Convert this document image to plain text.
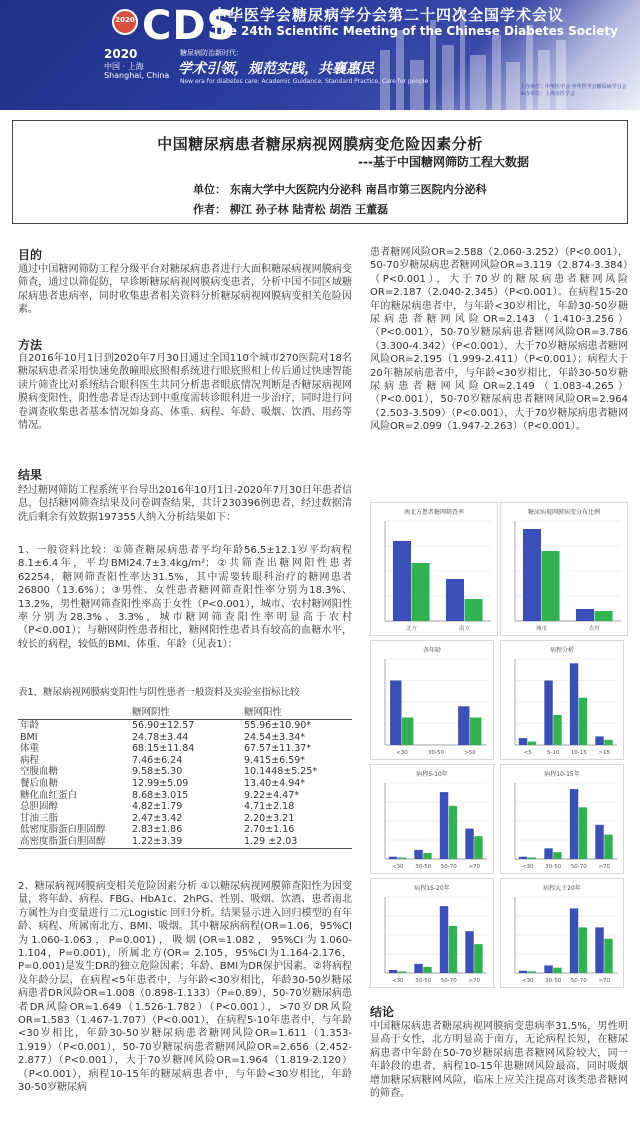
2020 CDS
中华医学会糖尿病学分会第二十四次全国学术会议
The 24th Scientific Meeting of the Chinese Diabetes Society
2020
中国 · 上海
Shanghai, China
糖尿病防治新时代：
学术引领，规范实践，共襄惠民
New era for diabetes care: Academic Guidance, Standard Practice, Care for people
主办单位：中华医学会 中华医学会糖尿病学分会
承办单位：上海市医学会
中国糖尿病患者糖尿病视网膜病变危险因素分析
---基于中国糖网筛防工程大数据
单位： 东南大学中大医院内分泌科 南昌市第三医院内分泌科
作者： 柳江 孙子林 陆青松 胡浩 王董磊
目的
通过中国糖网筛防工程分级平台对糖尿病患者进行大面积糖尿病视网膜病变筛查，通过以筛促防，早诊断糖尿病视网膜病变患者，分析中国不同区域糖尿病患者患病率，同时收集患者相关资料分析糖尿病视网膜病变相关危险因素。
方法
自2016年10月1日到2020年7月30日通过全国110个城市270医院对18名糖尿病患者采用快速免散瞳眼底照相系统进行眼底照相上传后通过快速智能读片筛查比对系统结合眼科医生共同分析患者眼底情况判断是否糖尿病视网膜病变阳性，阳性患者是否达到中重度需转诊眼科进一步治疗，同时进行问卷调查收集患者基本情况如身高、体重、病程、年龄、吸烟、饮酒、用药等情况。
结果
经过糖网筛防工程系统平台导出2016年10月1日-2020年7月30日年患者信息，包括糖网筛查结果及问卷调查结果，共计230396例患者，经过数据清洗后剩余有效数据197355人纳入分析结果如下：
1、一般资料比较：①筛查糖尿病患者平均年龄56.5±12.1岁平均病程8.1±6.4年，平均BMI24.7±3.4kg/m²；②共筛查出糖网阳性患者62254，糖网筛查阳性率达31.5%，其中需要转眼科治疗的糖网患者26800（13.6%）；③男性、女性患者糖网筛查阳性率分别为18.3%、13.2%，男性糖网筛查阳性率高于女性（P<0.001），城市、农村糖网阳性率分别为28.3%、3.3%，城市糖网筛查阳性率明显高于农村（P<0.001）；与糖网阴性患者相比，糖网阳性患者具有较高的血糖水平，较长的病程，较低的BMI、体重、年龄（见表1）：
表1、糖尿病视网膜病变阳性与阴性患者一般资料及实验室指标比较
	糖网阴性	糖网阳性
年龄	56.90±12.57	55.96±10.90*
BMI	24.78±3.44	24.54±3.34*
体重	68.15±11.84	67.57±11.37*
病程	7.46±6.24	9.415±6.59*
空腹血糖	9.58±5.30	10.1448±5.25*
餐后血糖	12.99±5.09	13.40±4.94*
糖化血红蛋白	8.68±3.015	9.22±4.47*
总胆固醇	4.82±1.79	4.71±2.18
甘油三脂	2.47±3.42	2.20±3.21
低密度脂蛋白胆固醇	2.83±1.86	2.70±1.16
高密度脂蛋白胆固醇	1.22±3.39	1.29 ±2.03
2、糖尿病视网膜病变相关危险因素分析 ①以糖尿病视网膜筛查阳性为因变量，将年龄、病程、FBG、HbA1c、2hPG、性别、吸烟、饮酒、患者南北方属性为自变量进行二元Logistic 回归分析。结果显示进入回归模型的有年龄、病程、所属南北方、BMI、吸烟。其中糖尿病病程(OR=1.06，95%CI为1.060-1.063，P=0.001)，吸烟(OR=1.082，95%CI为1.060-1.104，P=0.001)，所属北方(OR= 2.105，95%CI为1.164-2.176，P=0.001)是发生DR的独立危险因素；年龄、BMI为DR保护因素。②将病程及年龄分层，在病程<5年患者中，与年龄<30岁相比，年龄30-50岁糖尿病患者DR风险OR=1.008（0.898-1.133）（P=0.89），50-70岁糖尿病患者DR风险OR=1.649（1.526-1.782）（P<0.001），>70岁DR风险OR=1.583（1.467-1.707）（P<0.001），在病程5-10年患者中，与年龄<30岁相比，年龄30-50岁糖尿病患者糖网风险OR=1.611（1.353-1.919）（P<0.001），50-70岁糖尿病患者糖网风险OR=2.656（2.452-2.877）（P<0.001），大于70岁糖网风险OR=1.964（1.819-2.120）（P<0.001），病程10-15年的糖尿病患者中，与年龄<30岁相比，年龄30-50岁糖尿病
患者糖网风险OR=2.588（2.060-3.252）（P<0.001），50-70岁糖尿病患者糖网风险OR=3.119（2.874-3.384）（P<0.001），大于70岁的糖尿病患者糖网风险OR=2.187（2.040-2.345）（P<0.001）。在病程15-20年的糖尿病患者中，与年龄<30岁相比，年龄30-50岁糖尿病患者糖网风险OR=2.143（1.410-3.256）（P<0.001），50-70岁糖尿病患者糖网风险OR=3.786（3.300-4.342）（P<0.001），大于70岁糖尿病患者糖网风险OR=2.195（1.999-2.411）（P<0.001）；病程大于20年糖尿病患者中，与年龄<30岁相比，年龄30-50岁糖尿病患者糖网风险OR=2.149（1.083-4.265）（P<0.001），50-70岁糖尿病患者糖网风险OR=2.964（2.503-3.509）（P<0.001），大于70岁糖尿病患者糖网风险OR=2.099（1.947-2.263）（P<0.001）。
南北方患者糖网筛查率
北方	南方
糖尿病视网膜病变分布比例
城市	农村
各年龄
<30	30-50	>50
病程分析
<5	5-10 10-15 >15
病程5-10年
<30 30-50 50-70 >70
病程10-15年
<30 30-50 50-70 >70
病程15-20年
<30 30-50 50-70 >70
病程大于20年
<30 30-50 50-70 >70
结论
中国糖尿病患者糖尿病视网膜病变患病率31.5%，男性明显高于女性，北方明显高于南方，无论病程长短，在糖尿病患者中年龄在50-70岁糖尿病患者糖网风险较大，同一年龄段的患者，病程10-15年患糖网风险最高，同时吸烟增加糖尿病糖网风险，临床上应关注提高对该类患者糖网的筛查。
